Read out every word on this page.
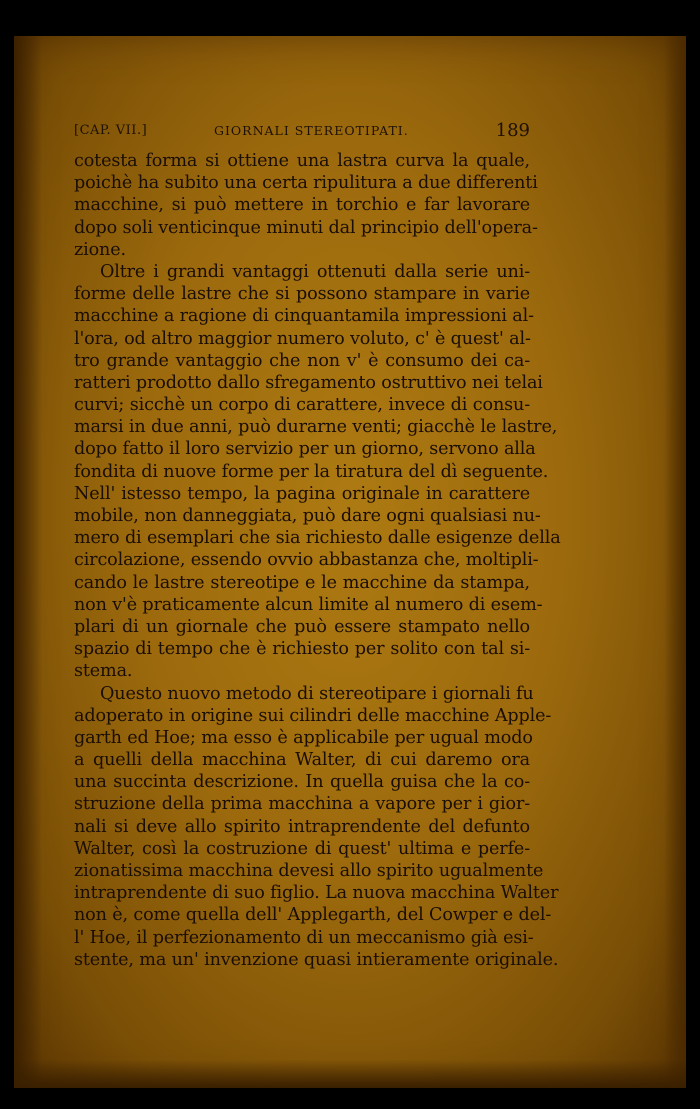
[CAP. VII.]	GIORNALI STEREOTIPATI.	189
cotesta forma si ottiene una lastra curva la quale,
poichè ha subito una certa ripulitura a due differenti
macchine, si può mettere in torchio e far lavorare
dopo soli venticinque minuti dal principio dell'opera-
zione.
Oltre i grandi vantaggi ottenuti dalla serie uni-
forme delle lastre che si possono stampare in varie
macchine a ragione di cinquantamila impressioni al-
l'ora, od altro maggior numero voluto, c' è quest' al-
tro grande vantaggio che non v' è consumo dei ca-
ratteri prodotto dallo sfregamento ostruttivo nei telai
curvi; sicchè un corpo di carattere, invece di consu-
marsi in due anni, può durarne venti; giacchè le lastre,
dopo fatto il loro servizio per un giorno, servono alla
fondita di nuove forme per la tiratura del dì seguente.
Nell' istesso tempo, la pagina originale in carattere
mobile, non danneggiata, può dare ogni qualsiasi nu-
mero di esemplari che sia richiesto dalle esigenze della
circolazione, essendo ovvio abbastanza che, moltipli-
cando le lastre stereotipe e le macchine da stampa,
non v'è praticamente alcun limite al numero di esem-
plari di un giornale che può essere stampato nello
spazio di tempo che è richiesto per solito con tal si-
stema.
Questo nuovo metodo di stereotipare i giornali fu
adoperato in origine sui cilindri delle macchine Apple-
garth ed Hoe; ma esso è applicabile per ugual modo
a quelli della macchina Walter, di cui daremo ora
una succinta descrizione. In quella guisa che la co-
struzione della prima macchina a vapore per i gior-
nali si deve allo spirito intraprendente del defunto
Walter, così la costruzione di quest' ultima e perfe-
zionatissima macchina devesi allo spirito ugualmente
intraprendente di suo figlio. La nuova macchina Walter
non è, come quella dell' Applegarth, del Cowper e del-
l' Hoe, il perfezionamento di un meccanismo già esi-
stente, ma un' invenzione quasi intieramente originale.
